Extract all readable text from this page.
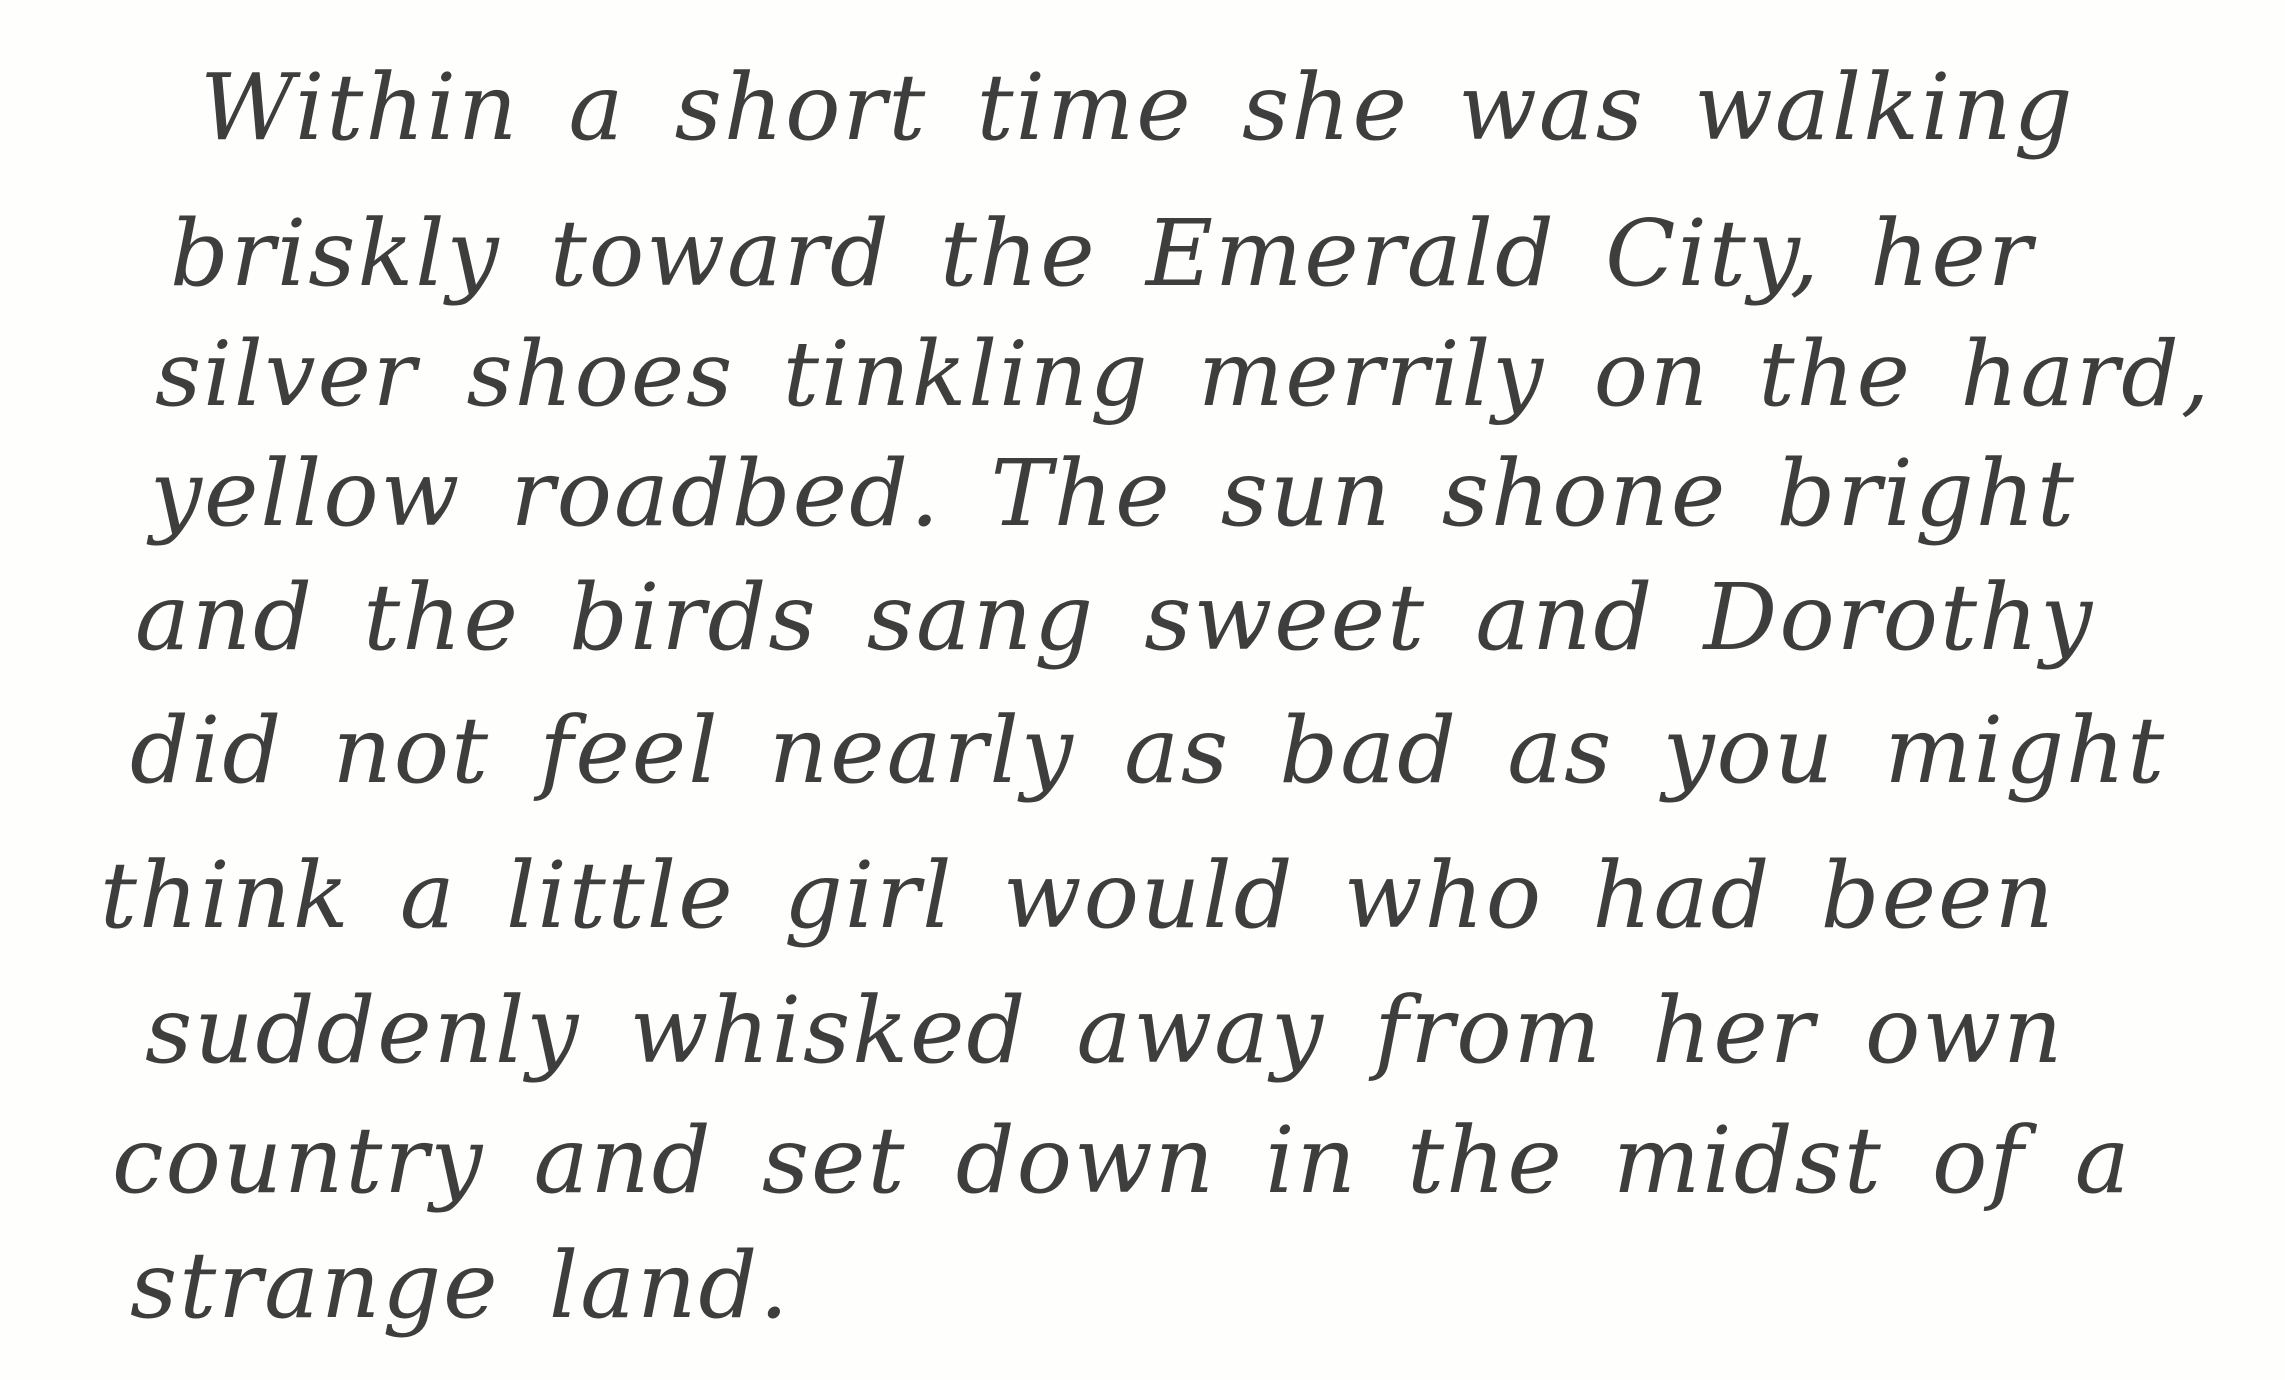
Within a short time she was walking
briskly toward the Emerald City, her
silver shoes tinkling merrily on the hard,
yellow roadbed. The sun shone bright
and the birds sang sweet and Dorothy
did not feel nearly as bad as you might
think a little girl would who had been
suddenly whisked away from her own
country and set down in the midst of a
strange land.
